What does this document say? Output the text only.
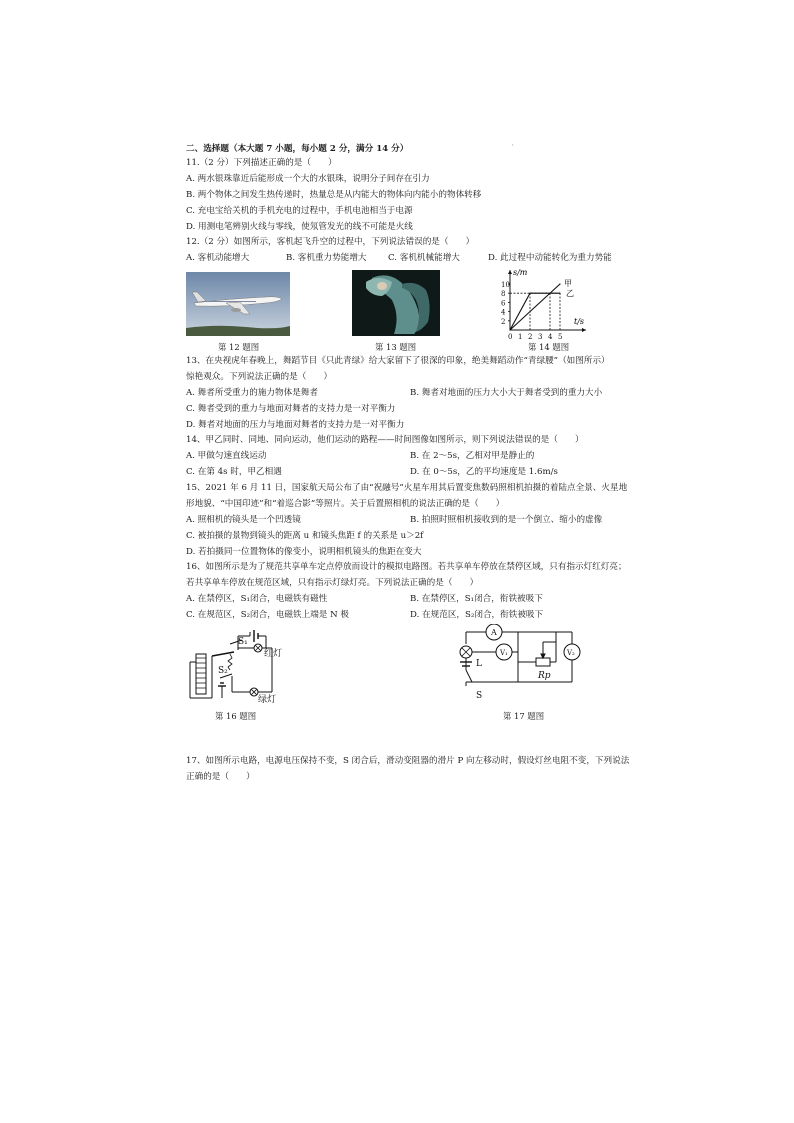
二、选择题（本大题 7 小题，每小题 2 分，满分 14 分）	'
11.（2 分）下列描述正确的是（　　）
A. 两水银珠靠近后能形成一个大的水银珠，说明分子间存在引力
B. 两个物体之间发生热传递时，热量总是从内能大的物体向内能小的物体转移
C. 充电宝给关机的手机充电的过程中，手机电池相当于电源
D. 用测电笔辨别火线与零线，使氖管发光的线不可能是火线
12.（2 分）如图所示，客机起飞升空的过程中，下列说法错误的是（　　）
A. 客机动能增大	B. 客机重力势能增大 C. 客机机械能增大	D. 此过程中动能转化为重力势能
s/m
t/s
甲
乙
2
4
6
8
10
0 1 2 3 4 5
第 12 题图	第 13 题图	第 14 题图
13、在央视虎年春晚上，舞蹈节目《只此青绿》给大家留下了很深的印象，绝美舞蹈动作“青绿腰”（如图所示）
惊艳观众。下列说法正确的是（　　）
A. 舞者所受重力的施力物体是舞者	B. 舞者对地面的压力大小大于舞者受到的重力大小
C. 舞者受到的重力与地面对舞者的支持力是一对平衡力
D. 舞者对地面的压力与地面对舞者的支持力是一对平衡力
14、甲乙同时、同地、同向运动，他们运动的路程——时间图像如图所示，则下列说法错误的是（　　）
A. 甲做匀速直线运动	B. 在 2～5s，乙相对甲是静止的
C. 在第 4s 时，甲乙相遇	D. 在 0～5s，乙的平均速度是 1.6m/s
15、2021 年 6 月 11 日，国家航天局公布了由“祝融号”火星车用其后置变焦数码照相机拍摄的着陆点全景、火星地
形地貌、“中国印迹”和“着巡合影”等照片。关于后置照相机的说法正确的是（　　）
A. 照相机的镜头是一个凹透镜	B. 拍照时照相机接收到的是一个倒立、缩小的虚像
C. 被拍摄的景物到镜头的距离 u 和镜头焦距 f 的关系是 u＞2f
D. 若拍摄同一位置物体的像变小，说明相机镜头的焦距在变大
16、如图所示是为了规范共享单车定点停放而设计的模拟电路图。若共享单车停放在禁停区域，只有指示灯红灯亮；
若共享单车停放在规范区域，只有指示灯绿灯亮。下列说法正确的是（　　）
A. 在禁停区，S₁闭合，电磁铁有磁性	B. 在禁停区，S₁闭合，衔铁被吸下
C. 在规范区，S₂闭合，电磁铁上端是 N 极	D. 在规范区，S₂闭合，衔铁被吸下
S₁
红灯
S₂
绿灯
A
V₁	V₂
L
Rp
S
第 16 题图	第 17 题图
17、如图所示电路，电源电压保持不变，S 闭合后，滑动变阻器的滑片 P 向左移动时，假设灯丝电阻不变，下列说法
正确的是（　　）
